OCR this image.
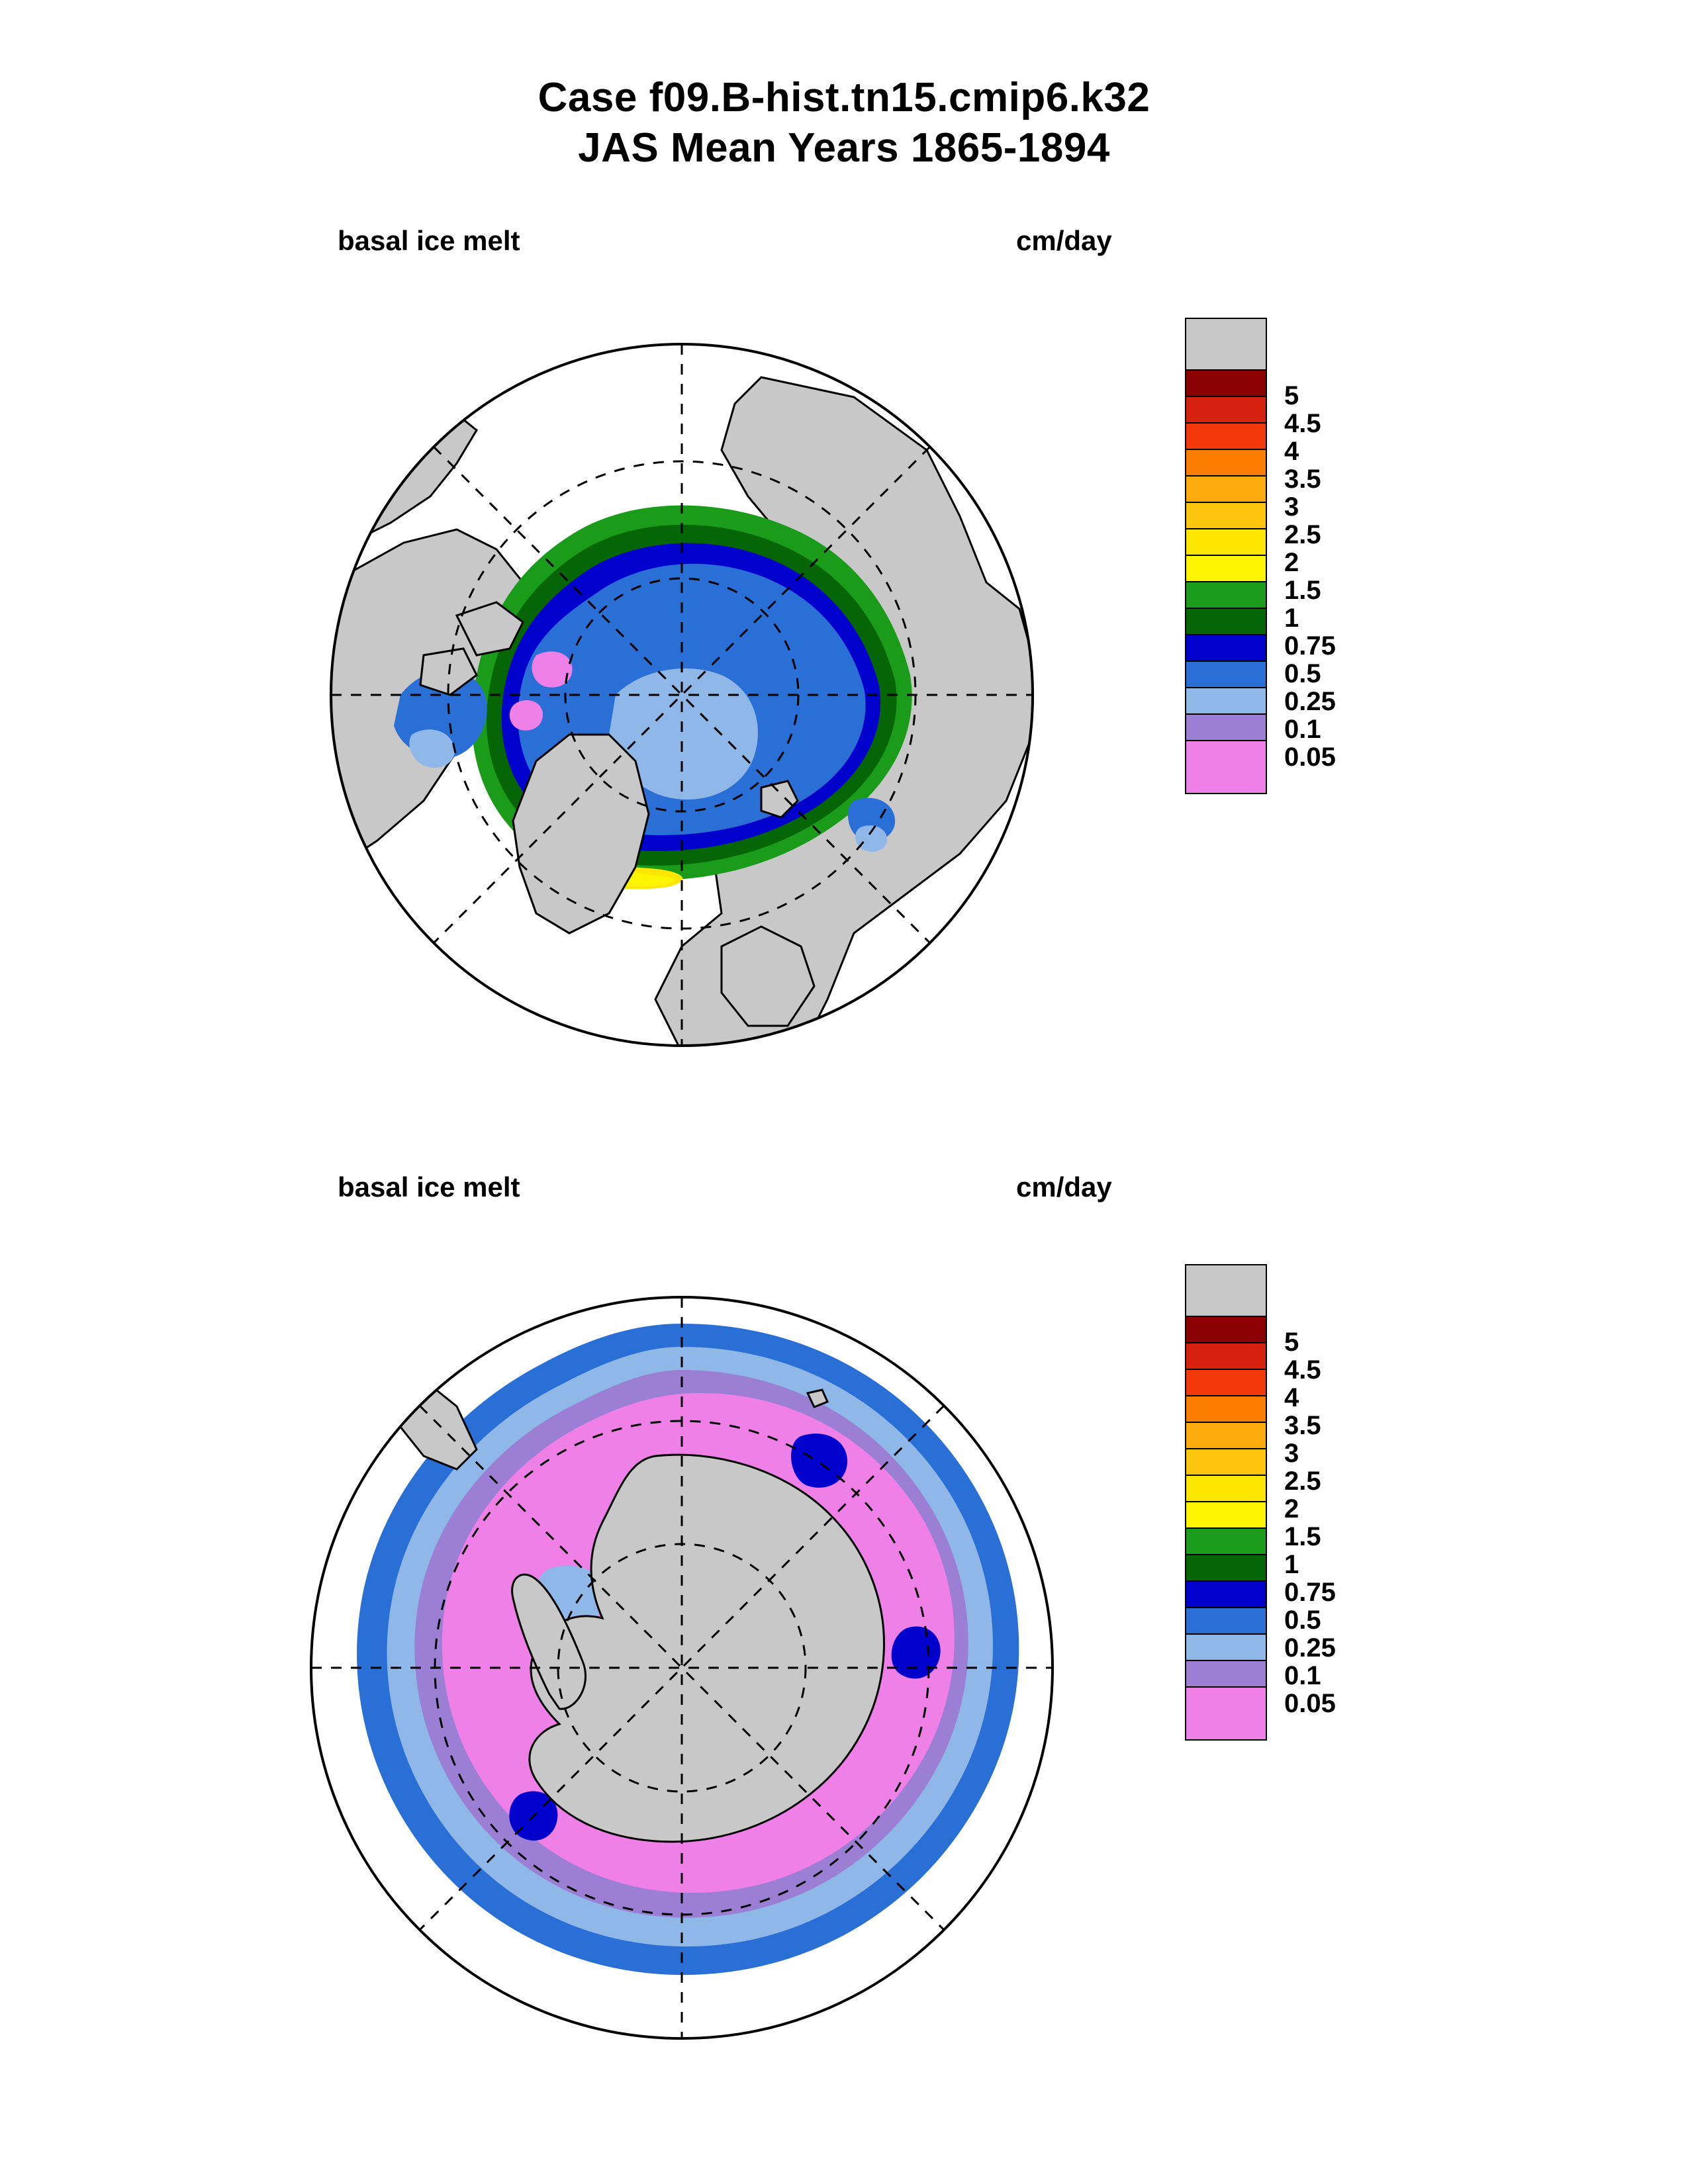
Case f09.B-hist.tn15.cmip6.k32
JAS Mean Years 1865-1894
basal ice melt	cm/day
5
4.5
4
3.5
3
2.5
2
1.5
1
0.75
0.5
0.25
0.1
0.05
basal ice melt	cm/day
5
4.5
4
3.5
3
2.5
2
1.5
1
0.75
0.5
0.25
0.1
0.05
